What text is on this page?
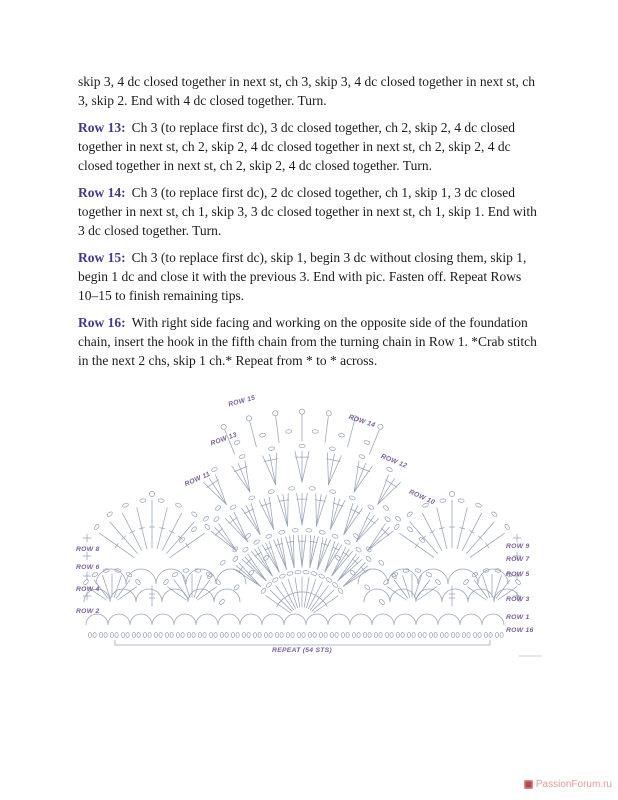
skip 3, 4 dc closed together in next st, ch 3, skip 3, 4 dc closed together in next st, ch 3, skip 2. End with 4 dc closed together. Turn.

Row 13: Ch 3 (to replace first dc), 3 dc closed together, ch 2, skip 2, 4 dc closed together in next st, ch 2, skip 2, 4 dc closed together in next st, ch 2, skip 2, 4 dc closed together in next st, ch 2, skip 2, 4 dc closed together. Turn.

Row 14: Ch 3 (to replace first dc), 2 dc closed together, ch 1, skip 1, 3 dc closed together in next st, ch 1, skip 3, 3 dc closed together in next st, ch 1, skip 1. End with 3 dc closed together. Turn.

Row 15: Ch 3 (to replace first dc), skip 1, begin 3 dc without closing them, skip 1, begin 1 dc and close it with the previous 3. End with pic. Fasten off. Repeat Rows 10–15 to finish remaining tips.

Row 16: With right side facing and working on the opposite side of the foundation chain, insert the hook in the fifth chain from the turning chain in Row 1. *Crab stitch in the next 2 chs, skip 1 ch.* Repeat from * to * across.

ROW 15
ROW 14
ROW 13
ROW 12
ROW 11
ROW 10
ROW 8
ROW 6
ROW 4
ROW 2
ROW 9
ROW 7
ROW 5
ROW 3
ROW 1
ROW 16
REPEAT (54 STS)
PassionForum.ru
